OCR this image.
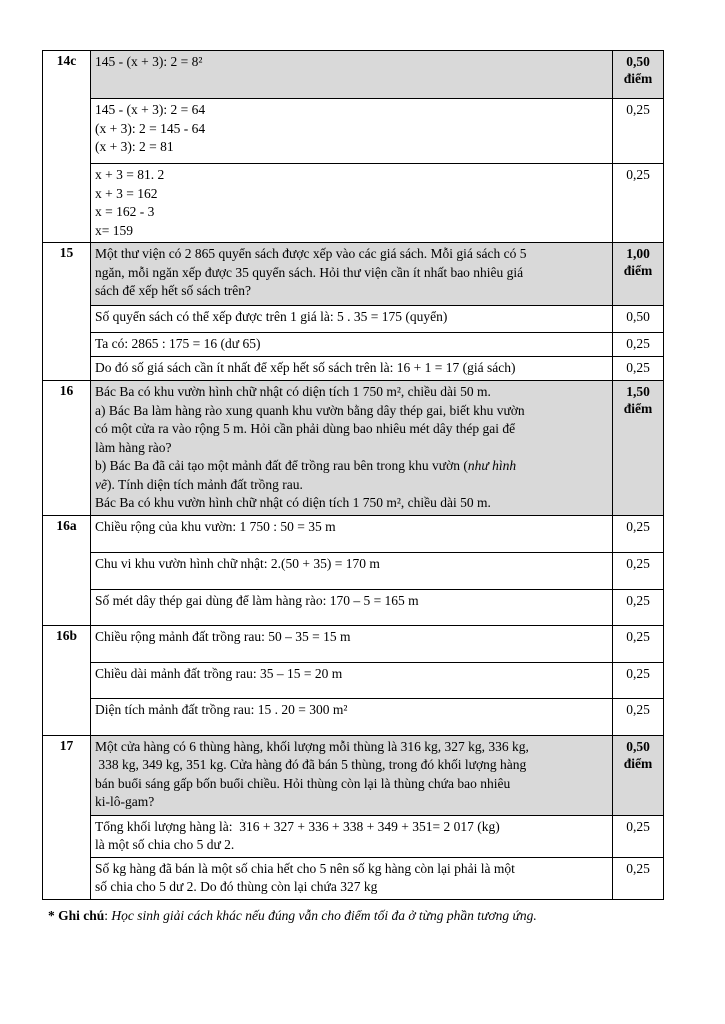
14c	145 - (x + 3): 2 = 8²	0,50 điểm

	145 - (x + 3): 2 = 64
(x + 3): 2 = 145 - 64
(x + 3): 2 = 81	0,25

	x + 3 = 81. 2
x + 3 = 162
x = 162 - 3
x= 159	0,25
15	Một thư viện có 2 865 quyển sách được xếp vào các giá sách. Mỗi giá sách có 5
ngăn, mỗi ngăn xếp được 35 quyển sách. Hỏi thư viện cần ít nhất bao nhiêu giá
sách để xếp hết số sách trên?	1,00 điểm

	Số quyển sách có thể xếp được trên 1 giá là: 5 . 35 = 175 (quyển)	0,50

	Ta có: 2865 : 175 = 16 (dư 65)	0,25

	Do đó số giá sách cần ít nhất để xếp hết số sách trên là: 16 + 1 = 17 (giá sách)	0,25
16	Bác Ba có khu vườn hình chữ nhật có diện tích 1 750 m², chiều dài 50 m.
a) Bác Ba làm hàng rào xung quanh khu vườn bằng dây thép gai, biết khu vườn
có một cửa ra vào rộng 5 m. Hỏi cần phải dùng bao nhiêu mét dây thép gai để
làm hàng rào?
b) Bác Ba đã cải tạo một mảnh đất để trồng rau bên trong khu vườn (như hình
vẽ). Tính diện tích mảnh đất trồng rau.
Bác Ba có khu vườn hình chữ nhật có diện tích 1 750 m², chiều dài 50 m.
	1,50 điểm
16a	Chiều rộng của khu vườn: 1 750 : 50 = 35 m	0,25

	Chu vi khu vườn hình chữ nhật: 2.(50 + 35) = 170 m	0,25

	Số mét dây thép gai dùng để làm hàng rào: 170 – 5 = 165 m	0,25
16b	Chiều rộng mảnh đất trồng rau: 50 – 35 = 15 m	0,25

	Chiều dài mảnh đất trồng rau: 35 – 15 = 20 m	0,25

	Diện tích mảnh đất trồng rau: 15 . 20 = 300 m²	0,25
17	Một cửa hàng có 6 thùng hàng, khối lượng mỗi thùng là 316 kg, 327 kg, 336 kg,
338 kg, 349 kg, 351 kg. Cửa hàng đó đã bán 5 thùng, trong đó khối lượng hàng
bán buổi sáng gấp bốn buổi chiều. Hỏi thùng còn lại là thùng chứa bao nhiêu
ki-lô-gam?	0,50 điểm

	Tổng khối lượng hàng là:  316 + 327 + 336 + 338 + 349 + 351= 2 017 (kg)
là một số chia cho 5 dư 2.	0,25

	Số kg hàng đã bán là một số chia hết cho 5 nên số kg hàng còn lại phải là một
số chia cho 5 dư 2. Do đó thùng còn lại chứa 327 kg	0,25

* Ghi chú: Học sinh giải cách khác nếu đúng vẫn cho điểm tối đa ở từng phần tương ứng.
